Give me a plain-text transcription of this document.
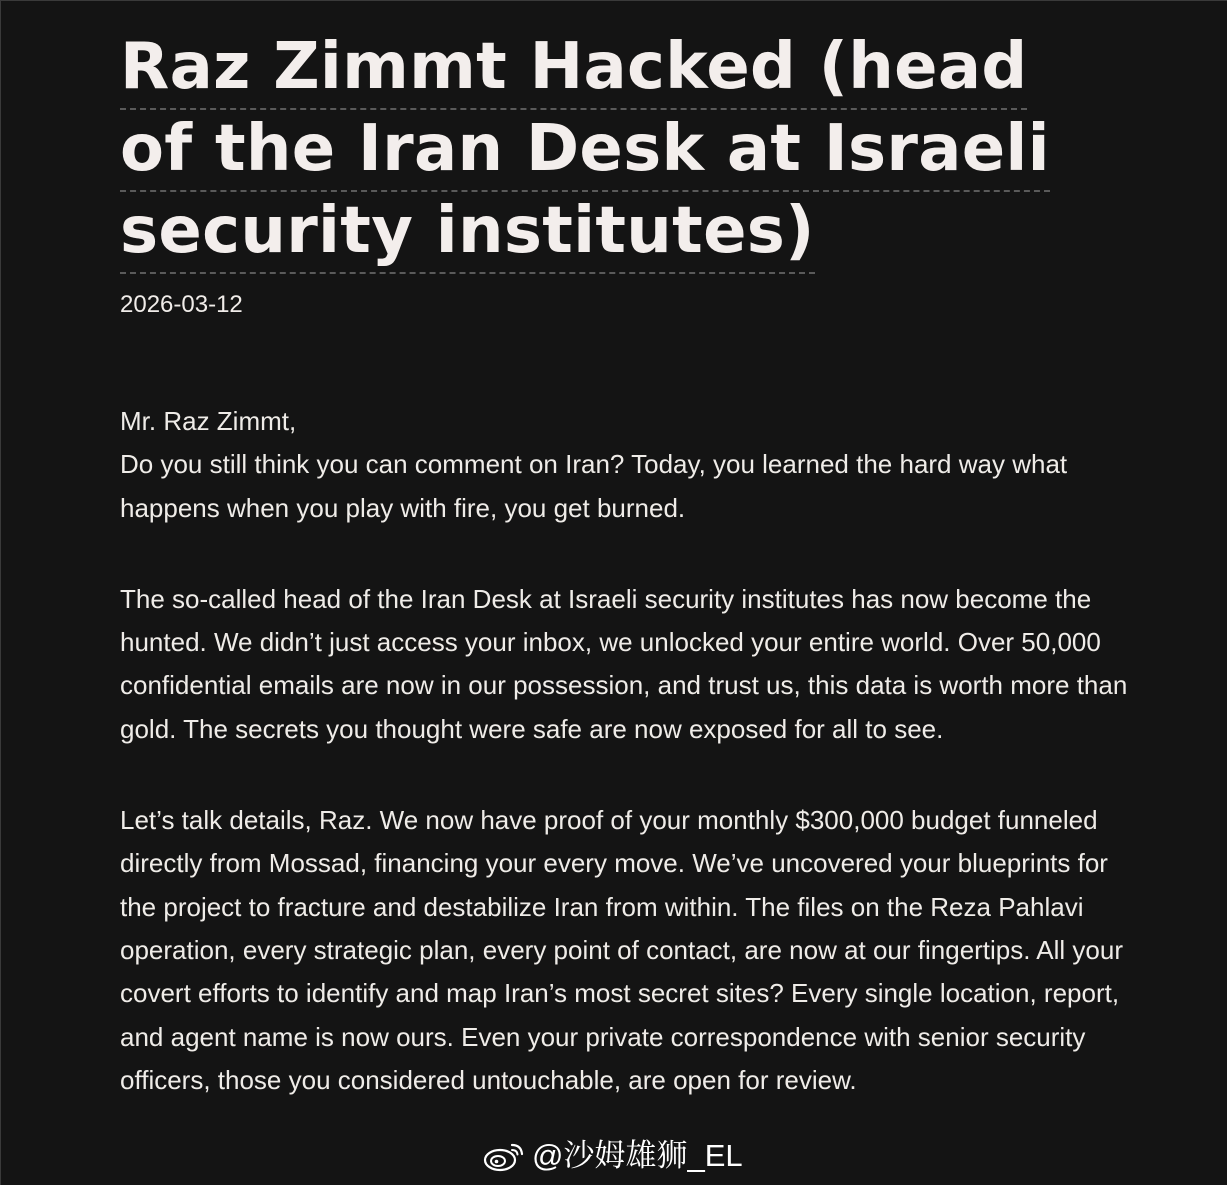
Raz Zimmt Hacked (head of the Iran Desk at Israeli security institutes)
2026-03-12

Mr. Raz Zimmt,
Do you still think you can comment on Iran? Today, you learned the hard way what happens when you play with fire, you get burned.

The so-called head of the Iran Desk at Israeli security institutes has now become the hunted. We didn’t just access your inbox, we unlocked your entire world. Over 50,000 confidential emails are now in our possession, and trust us, this data is worth more than gold. The secrets you thought were safe are now exposed for all to see.

Let’s talk details, Raz. We now have proof of your monthly $300,000 budget funneled directly from Mossad, financing your every move. We’ve uncovered your blueprints for the project to fracture and destabilize Iran from within. The files on the Reza Pahlavi operation, every strategic plan, every point of contact, are now at our fingertips. All your covert efforts to identify and map Iran’s most secret sites? Every single location, report, and agent name is now ours. Even your private correspondence with senior security officers, those you considered untouchable, are open for review.

@沙姆雄狮_EL
